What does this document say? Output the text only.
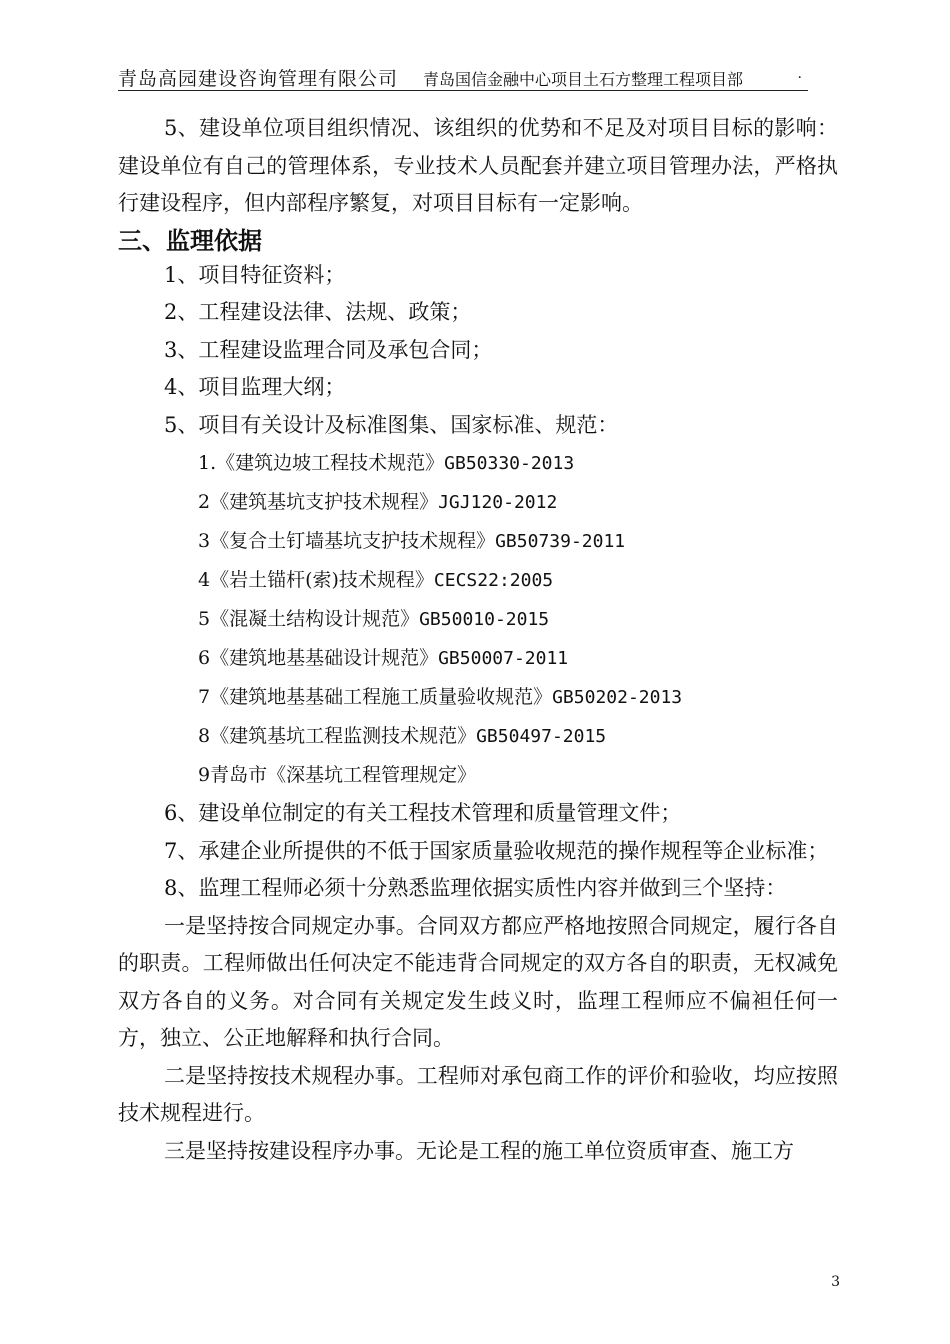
青岛高园建设咨询管理有限公司 青岛国信金融中心项目土石方整理工程项目部	.
5、建设单位项目组织情况、该组织的优势和不足及对项目目标的影响：建设单位有自己的管理体系，专业技术人员配套并建立项目管理办法，严格执行建设程序，但内部程序繁复，对项目目标有一定影响。
三、监理依据
1、项目特征资料；
2、工程建设法律、法规、政策；
3、工程建设监理合同及承包合同；
4、项目监理大纲；
5、项目有关设计及标准图集、国家标准、规范：
1.《建筑边坡工程技术规范》GB50330-2013
2《建筑基坑支护技术规程》JGJ120-2012
3《复合土钉墙基坑支护技术规程》GB50739-2011
4《岩土锚杆(索)技术规程》CECS22:2005
5《混凝土结构设计规范》GB50010-2015
6《建筑地基基础设计规范》GB50007-2011
7《建筑地基基础工程施工质量验收规范》GB50202-2013
8《建筑基坑工程监测技术规范》GB50497-2015
9青岛市《深基坑工程管理规定》
6、建设单位制定的有关工程技术管理和质量管理文件；
7、承建企业所提供的不低于国家质量验收规范的操作规程等企业标准；
8、监理工程师必须十分熟悉监理依据实质性内容并做到三个坚持：
一是坚持按合同规定办事。合同双方都应严格地按照合同规定，履行各自的职责。工程师做出任何决定不能违背合同规定的双方各自的职责，无权减免双方各自的义务。对合同有关规定发生歧义时，监理工程师应不偏袒任何一方，独立、公正地解释和执行合同。
二是坚持按技术规程办事。工程师对承包商工作的评价和验收，均应按照技术规程进行。
三是坚持按建设程序办事。无论是工程的施工单位资质审查、施工方
3
